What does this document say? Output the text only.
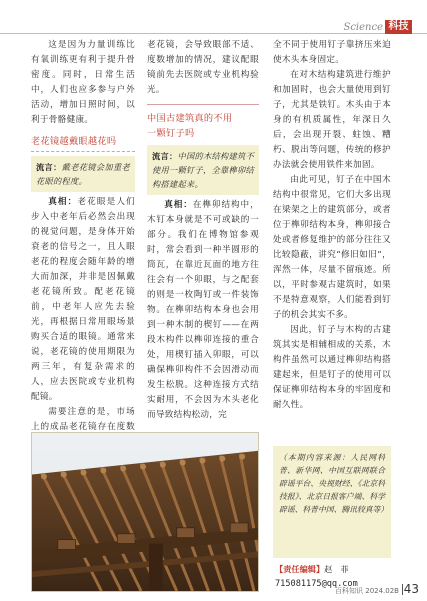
Science 科技

这是因为力量训练比有氧训练更有利于提升骨密度。同时，日常生活中，人们也应多参与户外活动，增加日照时间，以利于骨骼健康。

老花镜越戴眼越花吗
流言：戴老花镜会加重老花眼的程度。

真相：老花眼是人们步入中老年后必然会出现的视觉问题，是身体开始衰老的信号之一，且人眼老花的程度会随年龄的增大而加深，并非是因佩戴老花镜所致。配老花镜前，中老年人应先去验光，再根据日常用眼场景购买合适的眼镜。通常来说，老花镜的使用期限为两三年，有复杂需求的人，应去医院或专业机构配镜。

需要注意的是，市场上的成品老花镜存在度数

老花镜，会导致眼部不适、度数增加的情况，建议配眼镜前先去医院或专业机构验光。

中国古建筑真的不用
一颗钉子吗
流言：中国的木结构建筑不使用一颗钉子，全靠榫卯结构搭建起来。

真相：在榫卯结构中，木钉本身就是不可或缺的一部分。我们在博物馆参观时，常会看到一种半圆形的筒瓦，在靠近瓦面的地方往往会有一个卯眼，与之配套的则是一枚陶钉或一件装饰物。在榫卯结构本身也会用到一种木制的楔钉——在两段木构件以榫卯连接的重合处，用楔钉插入卯眼，可以确保榫卯构件不会因滑动而发生松脱。这种连接方式结实耐用，不会因为木头老化而导致结构松动，完

全不同于使用钉子靠挤压来迫使木头本身固定。

在对木结构建筑进行维护和加固时，也会大量使用到钉子，尤其是铁钉。木头由于本身的有机质属性，年深日久后，会出现开裂、蛀蚀、糟朽、脱出等问题，传统的修护办法就会使用铁件来加固。

由此可见，钉子在中国木结构中很常见，它们大多出现在梁架之上的建筑部分，或者位于榫卯结构本身，榫卯接合处或者修复维护的部分往往又比较隐蔽，讲究“修旧如旧”，浑然一体，尽量不留痕迹。所以，平时参观古建筑时，如果不是特意观察，人们能看到钉子的机会其实不多。

因此，钉子与木构的古建筑其实是相辅相成的关系，木构件虽然可以通过榫卯结构搭建起来，但是钉子的使用可以保证榫卯结构本身的牢固度和耐久性。

（本期内容来源：人民网科普、新华网、中国互联网联合辟谣平台、央视财经、《北京科技报》、北京日报客户端、科学辟谣、科普中国、腾讯较真等）
【责任编辑】赵　菲
715081175@qq.com
百科知识 2024.02B 43
